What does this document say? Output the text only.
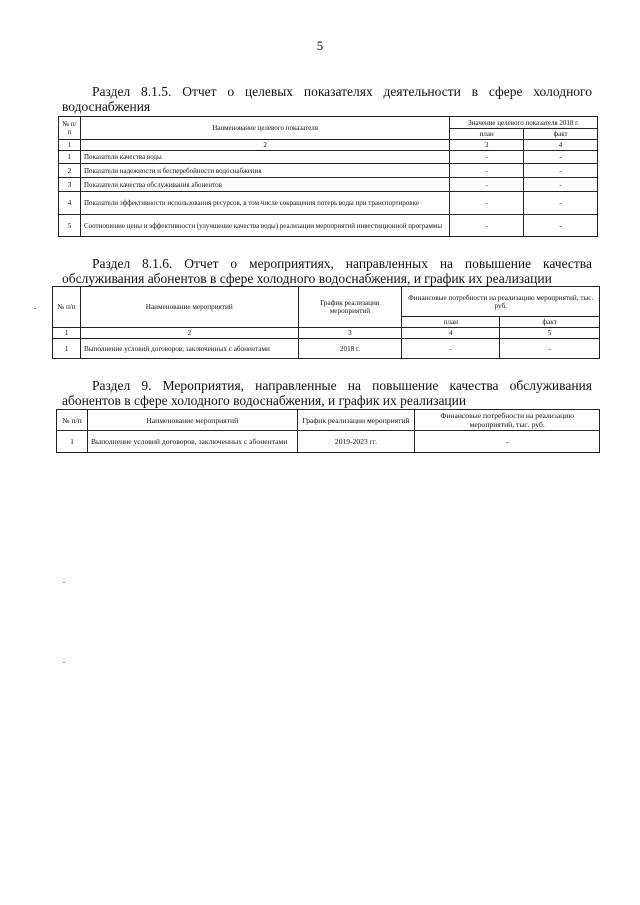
5
Раздел 8.1.5. Отчет о целевых показателях деятельности в сфере холодного водоснабжения
№ п/п	Наименование целевого показателя	Значение целевого показателя 2018 г.	
		план	факт
1	2	3	4
1	Показатели качества воды	-	-
2	Показатели надежности и бесперебойности водоснабжения	-	-
3	Показатели качества обслуживания абонентов	-	-
4	Показатели эффективности использования ресурсов, в том числе сокращения потерь воды при транспортировке	-	-
5	Соотношение цены и эффективности (улучшение качества воды) реализации мероприятий инвестиционной программы	-	-
Раздел 8.1.6. Отчет о мероприятиях, направленных на повышение качества обслуживания абонентов в сфере холодного водоснабжения, и график их реализации
№ п/п	Наименование мероприятий	График реализации мероприятий	Финансовые потребности на реализацию мероприятий, тыс. руб.	
			план	факт
1	2	3	4	5
1	Выполнение условий договоров, заключенных с абонентами	2018 г.	-	-
Раздел 9. Мероприятия, направленные на повышение качества обслуживания абонентов в сфере холодного водоснабжения, и график их реализации
№ п/п	Наименование мероприятий	График реализации мероприятий	Финансовые потребности на реализацию мероприятий, тыс. руб.
1	Выполнение условий договоров, заключенных с абонентами	2019-2023 гг.	-
